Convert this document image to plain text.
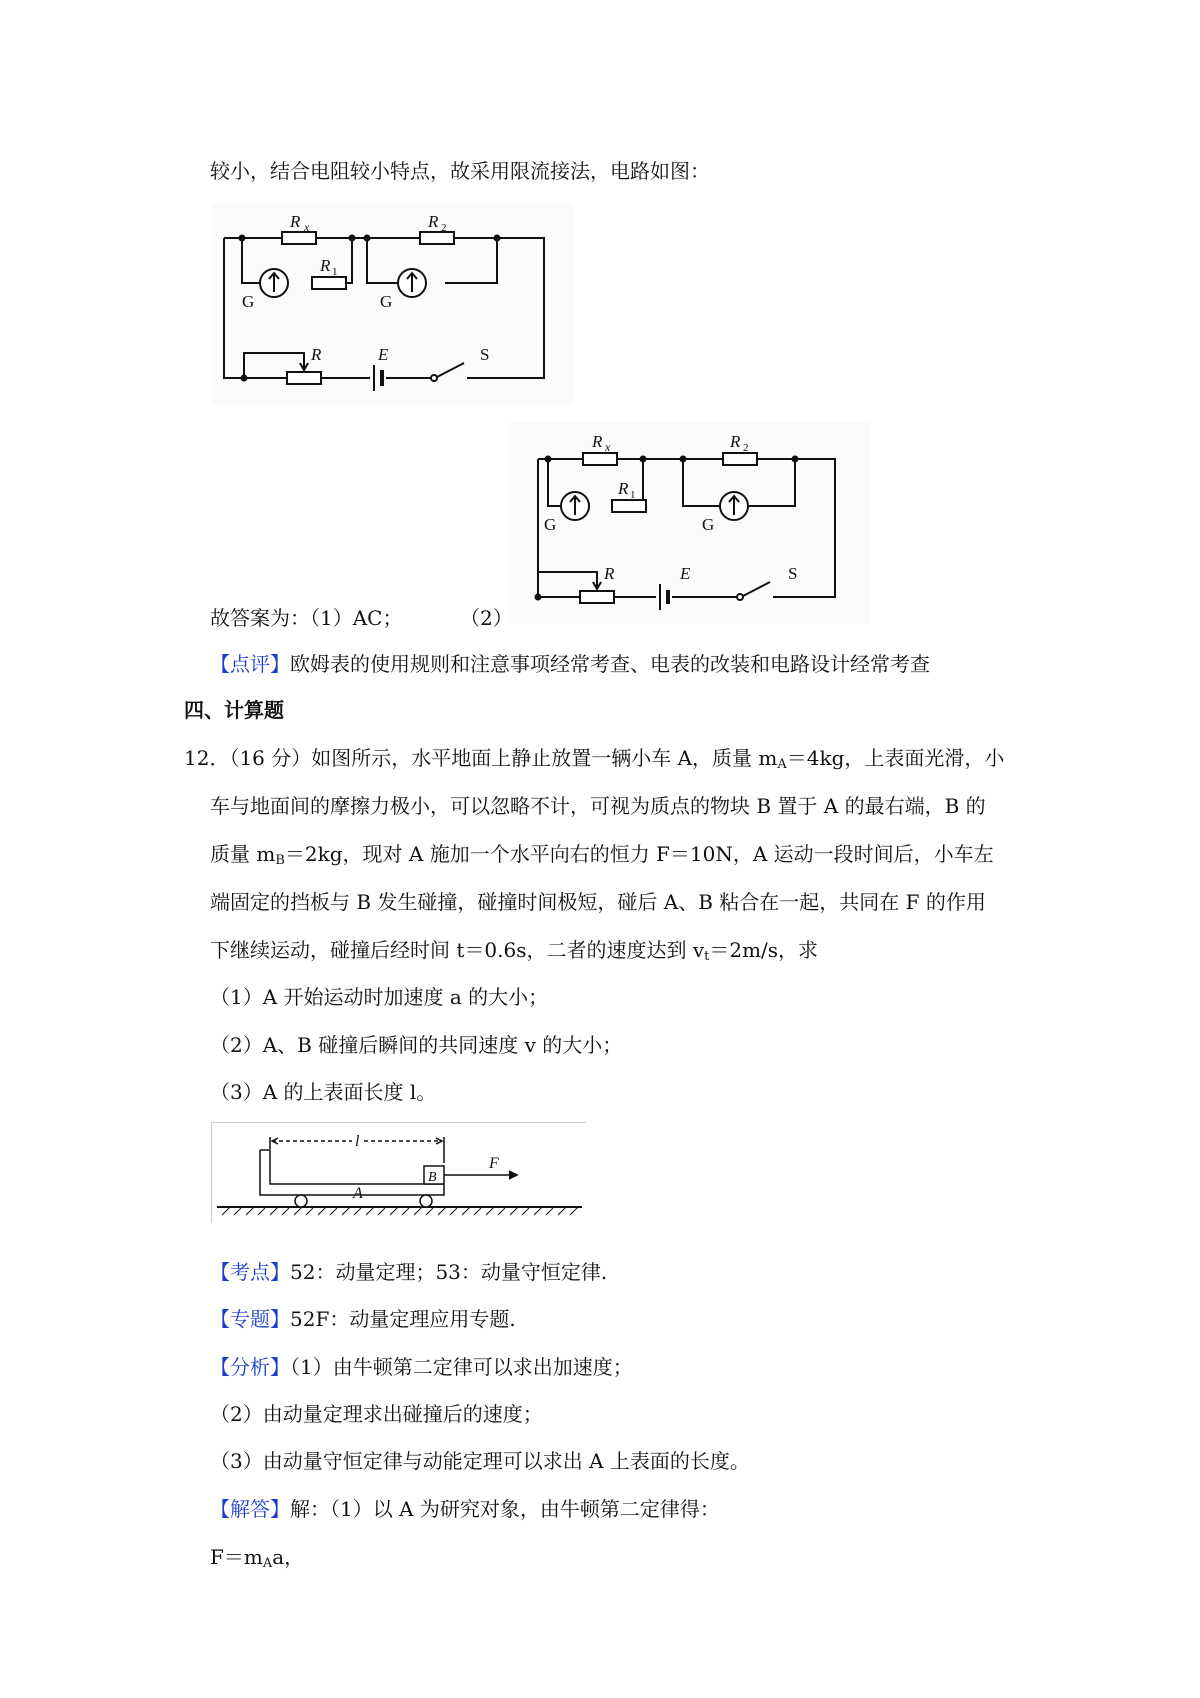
较小，结合电阻较小特点，故采用限流接法，电路如图：
R x	R 2
R 1
G	G
R	E	S
R x	R 2
R 1
G	G
R	E	S
故答案为：（1）AC；	（2）
【点评】欧姆表的使用规则和注意事项经常考查、电表的改装和电路设计经常考查
四、计算题
12．（16 分）如图所示，水平地面上静止放置一辆小车 A，质量 $m_A=4kg$，上表面光滑，小
车与地面间的摩擦力极小，可以忽略不计，可视为质点的物块 B 置于 A 的最右端，B 的
质量 $m_B=2kg$，现对 A 施加一个水平向右的恒力 F＝10N，A 运动一段时间后，小车左
端固定的挡板与 B 发生碰撞，碰撞时间极短，碰后 A、B 粘合在一起，共同在 F 的作用
下继续运动，碰撞后经时间 t＝0.6s，二者的速度达到 $v_t=2m/s$，求
（1）A 开始运动时加速度 a 的大小；
（2）A、B 碰撞后瞬间的共同速度 v 的大小；
（3）A 的上表面长度 l。
l
B
A
F
【考点】52：动量定理；53：动量守恒定律.
【专题】52F：动量定理应用专题.
【分析】（1）由牛顿第二定律可以求出加速度；
（2）由动量定理求出碰撞后的速度；
（3）由动量守恒定律与动能定理可以求出 A 上表面的长度。
【解答】解：（1）以 A 为研究对象，由牛顿第二定律得：
$F=m_Aa$，
